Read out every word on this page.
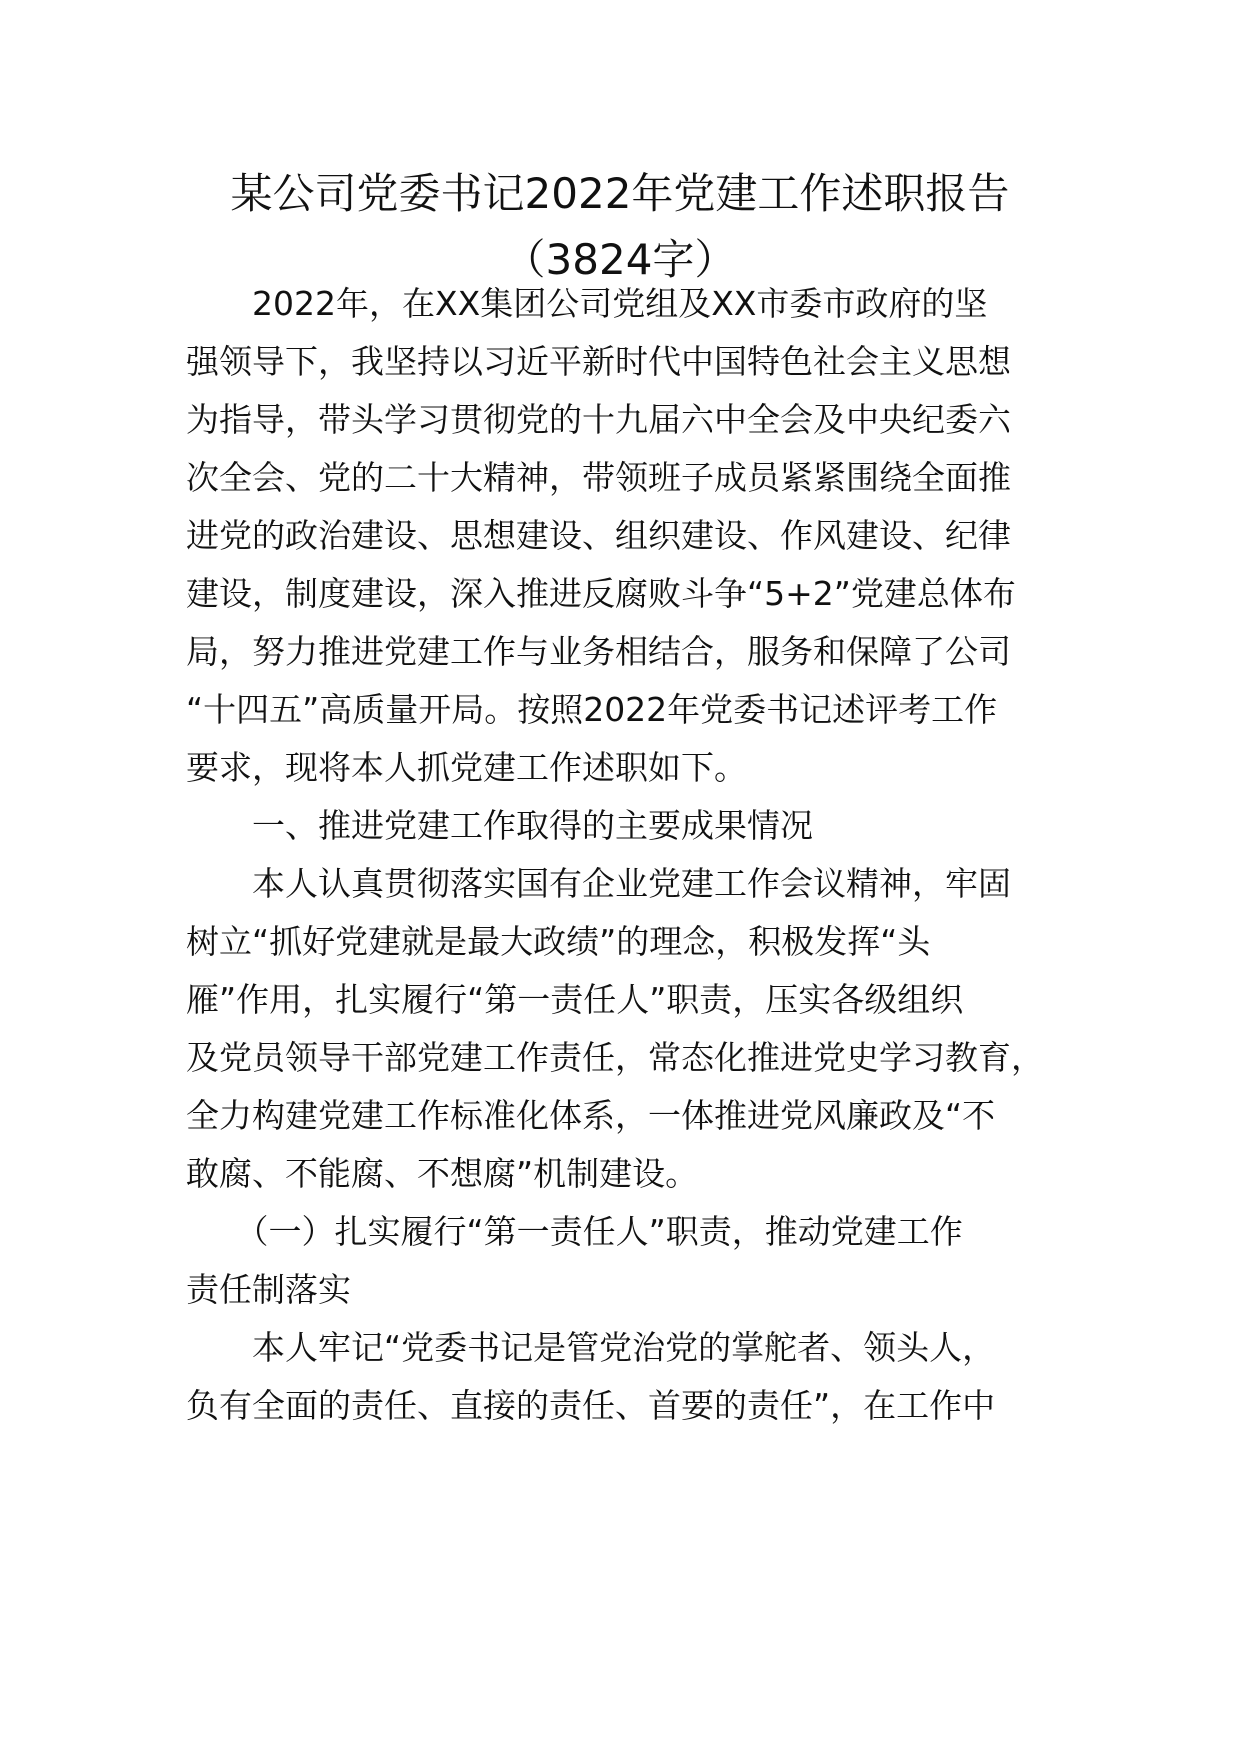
某公司党委书记2022年党建工作述职报告
（3824字）
　　2022年，在XX集团公司党组及XX市委市政府的坚
强领导下，我坚持以习近平新时代中国特色社会主义思想
为指导，带头学习贯彻党的十九届六中全会及中央纪委六
次全会、党的二十大精神，带领班子成员紧紧围绕全面推
进党的政治建设、思想建设、组织建设、作风建设、纪律
建设，制度建设，深入推进反腐败斗争“5+2”党建总体布
局，努力推进党建工作与业务相结合，服务和保障了公司
“十四五”高质量开局。按照2022年党委书记述评考工作
要求，现将本人抓党建工作述职如下。
　　一、推进党建工作取得的主要成果情况
　　本人认真贯彻落实国有企业党建工作会议精神，牢固
树立“抓好党建就是最大政绩”的理念，积极发挥“头
雁”作用，扎实履行“第一责任人”职责，压实各级组织
及党员领导干部党建工作责任，常态化推进党史学习教育，
全力构建党建工作标准化体系，一体推进党风廉政及“不
敢腐、不能腐、不想腐”机制建设。
　　（一）扎实履行“第一责任人”职责，推动党建工作
责任制落实
　　本人牢记“党委书记是管党治党的掌舵者、领头人，
负有全面的责任、直接的责任、首要的责任”，在工作中
